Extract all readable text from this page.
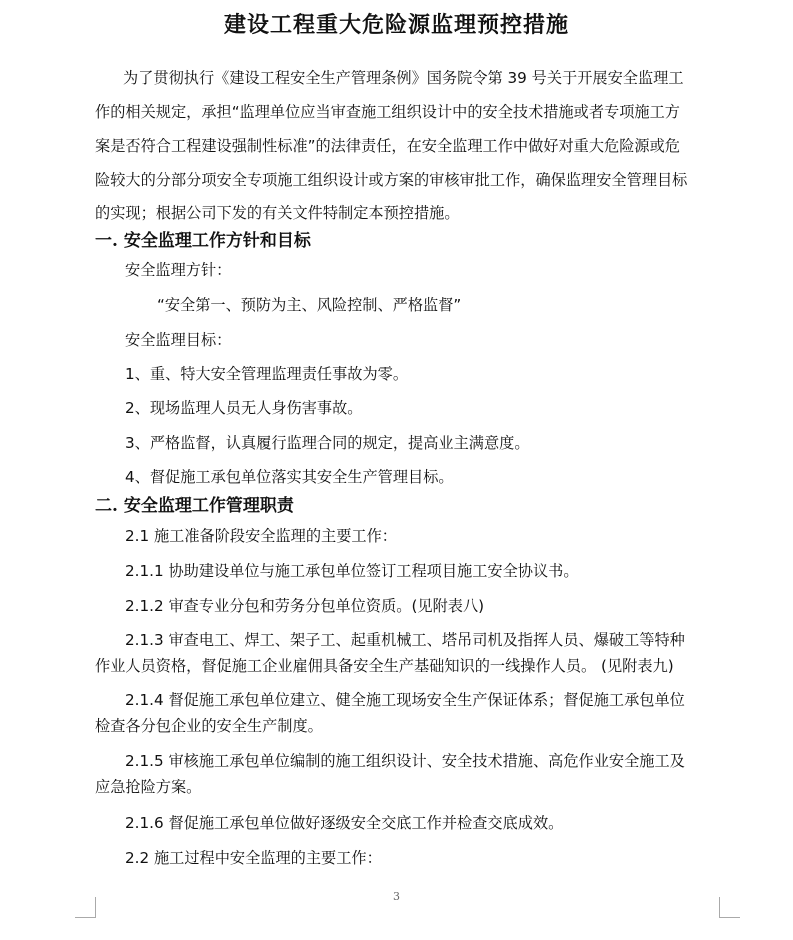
建设工程重大危险源监理预控措施
为了贯彻执行《建设工程安全生产管理条例》国务院令第 39 号关于开展安全监理工
作的相关规定，承担“监理单位应当审查施工组织设计中的安全技术措施或者专项施工方
案是否符合工程建设强制性标准”的法律责任，在安全监理工作中做好对重大危险源或危
险较大的分部分项安全专项施工组织设计或方案的审核审批工作，确保监理安全管理目标
的实现；根据公司下发的有关文件特制定本预控措施。
一. 安全监理工作方针和目标
安全监理方针：
“安全第一、预防为主、风险控制、严格监督”
安全监理目标：
1、重、特大安全管理监理责任事故为零。
2、现场监理人员无人身伤害事故。
3、严格监督，认真履行监理合同的规定，提高业主满意度。
4、督促施工承包单位落实其安全生产管理目标。
二. 安全监理工作管理职责
2.1 施工准备阶段安全监理的主要工作：
2.1.1 协助建设单位与施工承包单位签订工程项目施工安全协议书。
2.1.2 审查专业分包和劳务分包单位资质。(见附表八)
2.1.3 审查电工、焊工、架子工、起重机械工、塔吊司机及指挥人员、爆破工等特种
作业人员资格，督促施工企业雇佣具备安全生产基础知识的一线操作人员。 (见附表九)
2.1.4 督促施工承包单位建立、健全施工现场安全生产保证体系；督促施工承包单位
检查各分包企业的安全生产制度。
2.1.5 审核施工承包单位编制的施工组织设计、安全技术措施、高危作业安全施工及
应急抢险方案。
2.1.6 督促施工承包单位做好逐级安全交底工作并检查交底成效。
2.2 施工过程中安全监理的主要工作：
3
